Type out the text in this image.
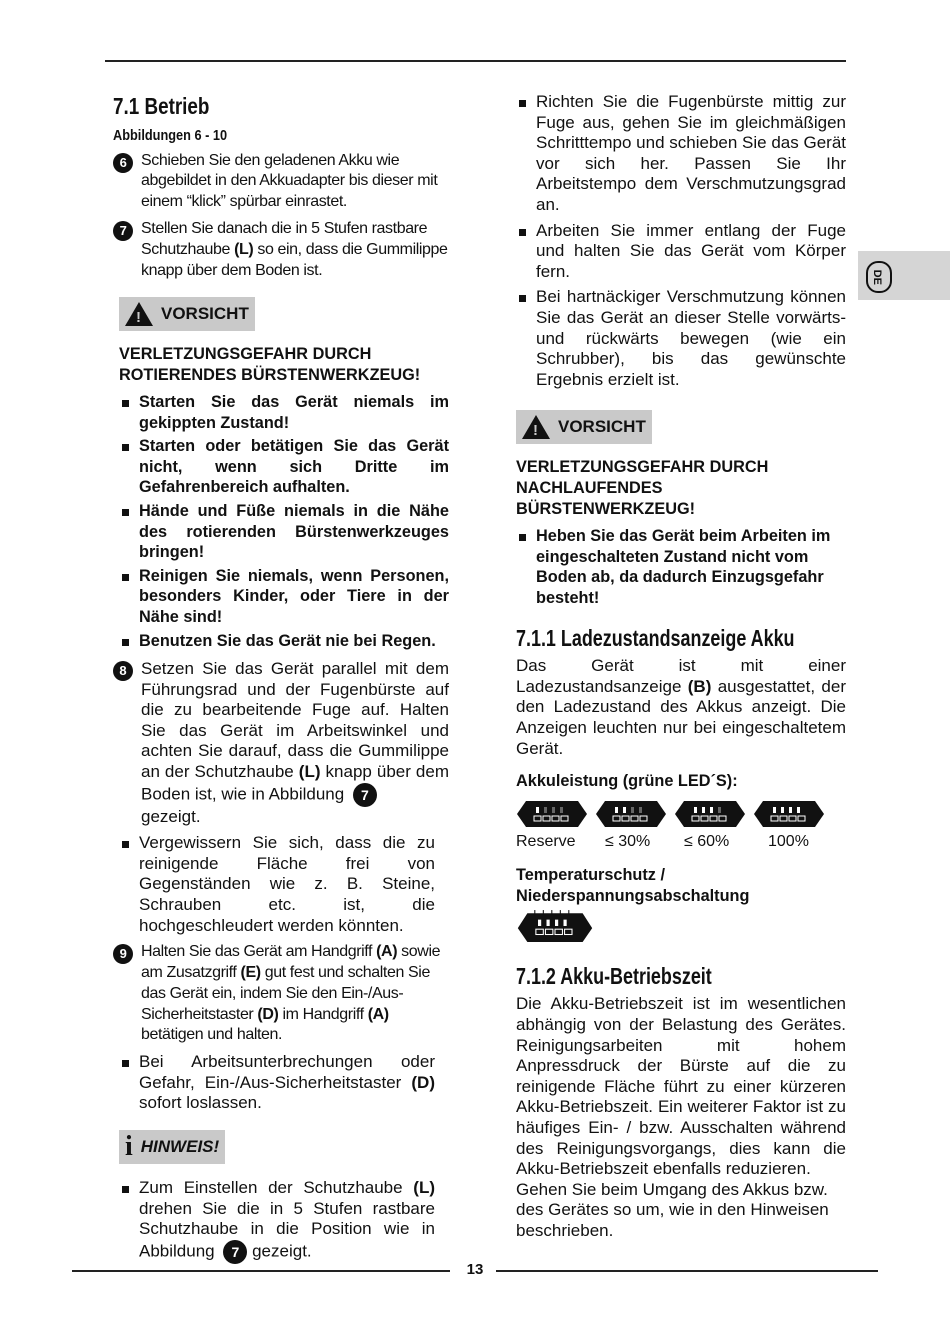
DE
7.1 Betrieb
Abbildungen 6 - 10
6 Schieben Sie den geladenen Akku wie abgebildet in den Akkuadapter bis dieser mit einem “klick” spürbar einrastet.

7 Stellen Sie danach die in 5 Stufen rastbare Schutzhaube (L) so ein, dass die Gummilippe knapp über dem Boden ist.

! VORSICHT
VERLETZUNGSGEFAHR DURCH ROTIERENDES BÜRSTENWERKZEUG!
Starten Sie das Gerät niemals im gekippten Zustand!
Starten oder betätigen Sie das Gerät nicht, wenn sich Dritte im Gefahrenbereich aufhalten.
Hände und Füße niemals in die Nähe des rotierenden Bürstenwerkzeuges bringen!
Reinigen Sie niemals, wenn Personen, besonders Kinder, oder Tiere in der Nähe sind!
Benutzen Sie das Gerät nie bei Regen.
8 Setzen Sie das Gerät parallel mit dem Führungsrad und der Fugenbürste auf die zu bearbeitende Fuge auf. Halten Sie das Gerät im Arbeitswinkel und achten Sie darauf, dass die Gummilippe an der Schutzhaube (L) knapp über dem Boden ist, wie in Abbildung 7
gezeigt.

Vergewissern Sie sich, dass die zu reinigende Fläche frei von Gegenständen wie z. B. Steine, Schrauben etc. ist, die hochgeschleudert werden könnten.
9 Halten Sie das Gerät am Handgriff (A) sowie am Zusatzgriff (E) gut fest und schalten Sie das Gerät ein, indem Sie den Ein-/Aus-Sicherheitstaster (D) im Handgriff (A) betätigen und halten.

Bei Arbeitsunterbrechungen oder Gefahr, Ein-/Aus-Sicherheitstaster (D) sofort loslassen.
i HINWEIS!
Zum Einstellen der Schutzhaube (L) drehen Sie die in 5 Stufen rastbare Schutzhaube in die Position wie in Abbildung 7 gezeigt.
Richten Sie die Fugenbürste mittig zur Fuge aus, gehen Sie im gleichmäßigen Schritttempo und schieben Sie das Gerät vor sich her. Passen Sie Ihr Arbeitstempo dem Verschmutzungsgrad an.
Arbeiten Sie immer entlang der Fuge und halten Sie das Gerät vom Körper fern.
Bei hartnäckiger Verschmutzung können Sie das Gerät an dieser Stelle vorwärts- und rückwärts bewegen (wie ein Schrubber), bis das gewünschte Ergebnis erzielt ist.
! VORSICHT
VERLETZUNGSGEFAHR DURCH NACHLAUFENDES BÜRSTENWERKZEUG!
Heben Sie das Gerät beim Arbeiten im eingeschalteten Zustand nicht vom Boden ab, da dadurch Einzugsgefahr besteht!
7.1.1 Ladezustandsanzeige Akku

Das Gerät ist mit einer Ladezustandsanzeige (B) ausgestattet, der den Ladezustand des Akkus anzeigt. Die Anzeigen leuchten nur bei eingeschaltetem Gerät.

Akkuleistung (grüne LED´S):
Reserve	≤ 30%	≤ 60%	100%
Temperaturschutz / Niederspannungsabschaltung
7.1.2 Akku-Betriebszeit

Die Akku-Betriebszeit ist im wesentlichen abhängig von der Belastung des Gerätes. Reinigungsarbeiten mit hohem Anpressdruck der Bürste auf die zu reinigende Fläche führt zu einer kürzeren Akku-Betriebszeit. Ein weiterer Faktor ist zu häufiges Ein- / bzw. Ausschalten während des Reinigungsvorgangs, dies kann die Akku-Betriebszeit ebenfalls reduzieren.

Gehen Sie beim Umgang des Akkus bzw. des Gerätes so um, wie in den Hinweisen beschrieben.

13
